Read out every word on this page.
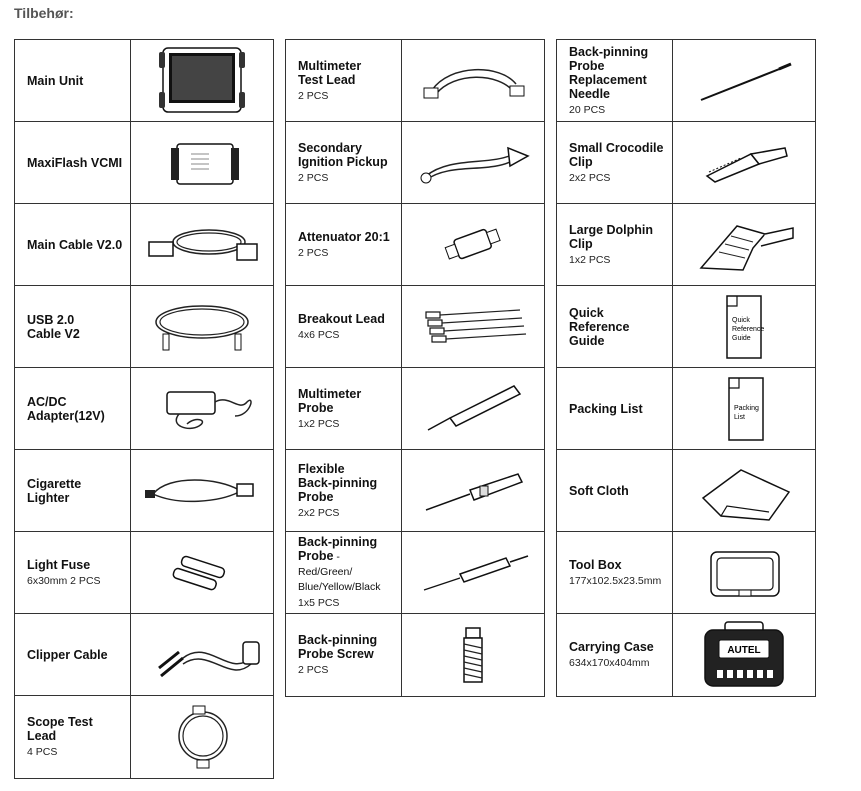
Tilbehør:
Main Unit
MaxiFlash VCMI
Main Cable V2.0
USB 2.0
Cable V2
AC/DC
Adapter(12V)
Cigarette Lighter
Light Fuse
6x30mm 2 PCS
Clipper Cable
Scope Test Lead
4 PCS
Multimeter
Test Lead
2 PCS
Secondary
Ignition Pickup
2 PCS
Attenuator 20:1
2 PCS
Breakout Lead
4x6 PCS
Multimeter
Probe
1x2 PCS
Flexible
Back-pinning
Probe
2x2 PCS
Back-pinning
Probe - Red/Green/
Blue/Yellow/Black
1x5 PCS
Back-pinning
Probe Screw
2 PCS
Back-pinning
Probe
Replacement
Needle
20 PCS
Small Crocodile
Clip
2x2 PCS
Large Dolphin
Clip
1x2 PCS
Quick Reference
Guide
Quick
Reference
Guide
Packing List	Packing
List
Soft Cloth
Tool Box
177x102.5x23.5mm
Carrying Case
634x170x404mm
AUTEL
